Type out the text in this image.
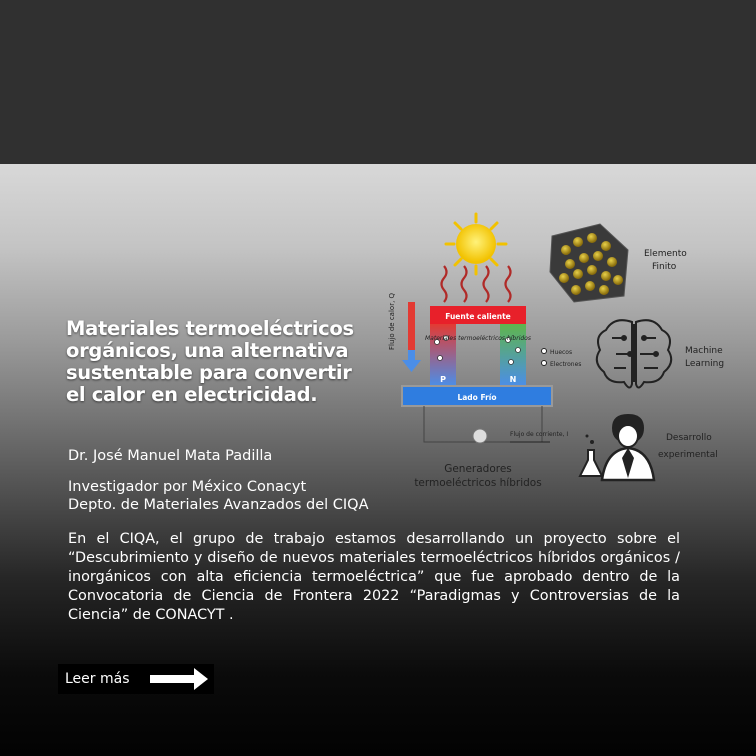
Flujo de calor, Q	Fuente caliente
P	N
Materiales termoeléctricos híbridos
Lado Frío
Huecos
Electrones
Flujo de corriente, I
Generadores
termoeléctricos híbridos
Elemento
Finito
Machine
Learning
Desarrollo
experimental
Materiales termoeléctricos
orgánicos, una alternativa
sustentable para convertir
el calor en electricidad.
Dr. José Manuel Mata Padilla
Investigador por México Conacyt
Depto. de Materiales Avanzados del CIQA

En el CIQA, el grupo de trabajo estamos desarrollando un proyecto sobre el “Descubrimiento y diseño de nuevos materiales termoeléctricos híbridos orgánicos / inorgánicos con alta eficiencia termoeléctrica” que fue aprobado dentro de la Convocatoria de Ciencia de Frontera 2022 “Paradigmas y Controversias de la Ciencia” de CONACYT .

Leer más
